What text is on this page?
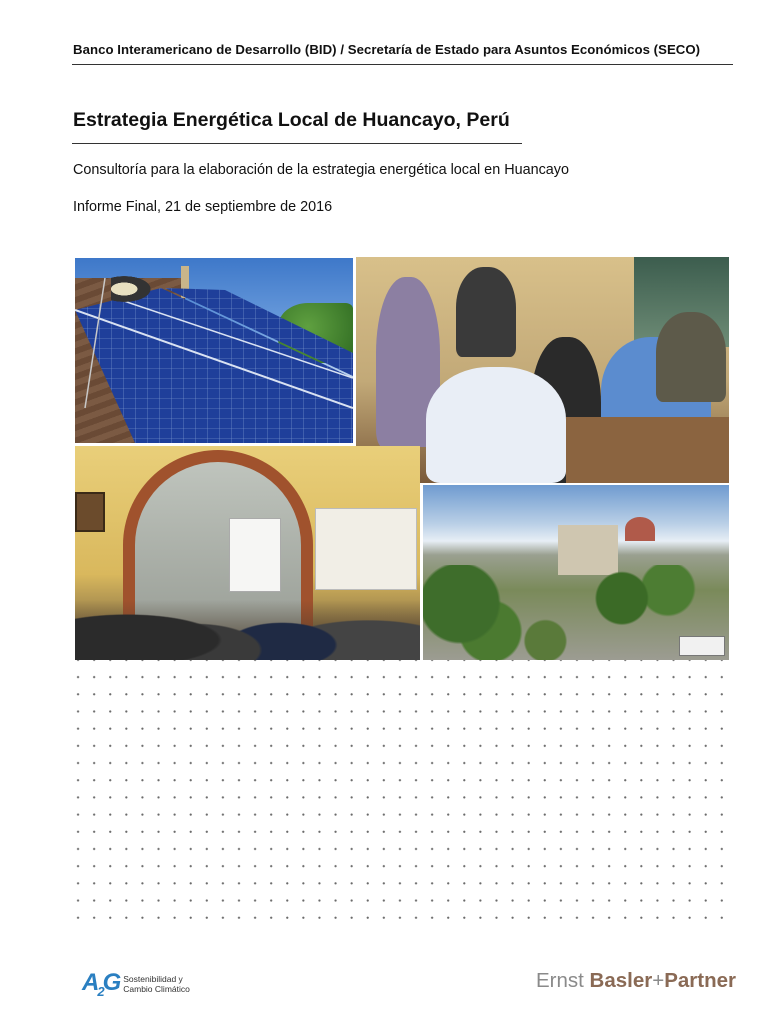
Banco Interamericano de Desarrollo (BID) / Secretaría de Estado para Asuntos Económicos (SECO)
Estrategia Energética Local de Huancayo, Perú
Consultoría para la elaboración de la estrategia energética local en Huancayo
Informe Final, 21 de septiembre de 2016
$A_2G$ Sostenibilidad y
Cambio Climático	Ernst Basler+Partner
